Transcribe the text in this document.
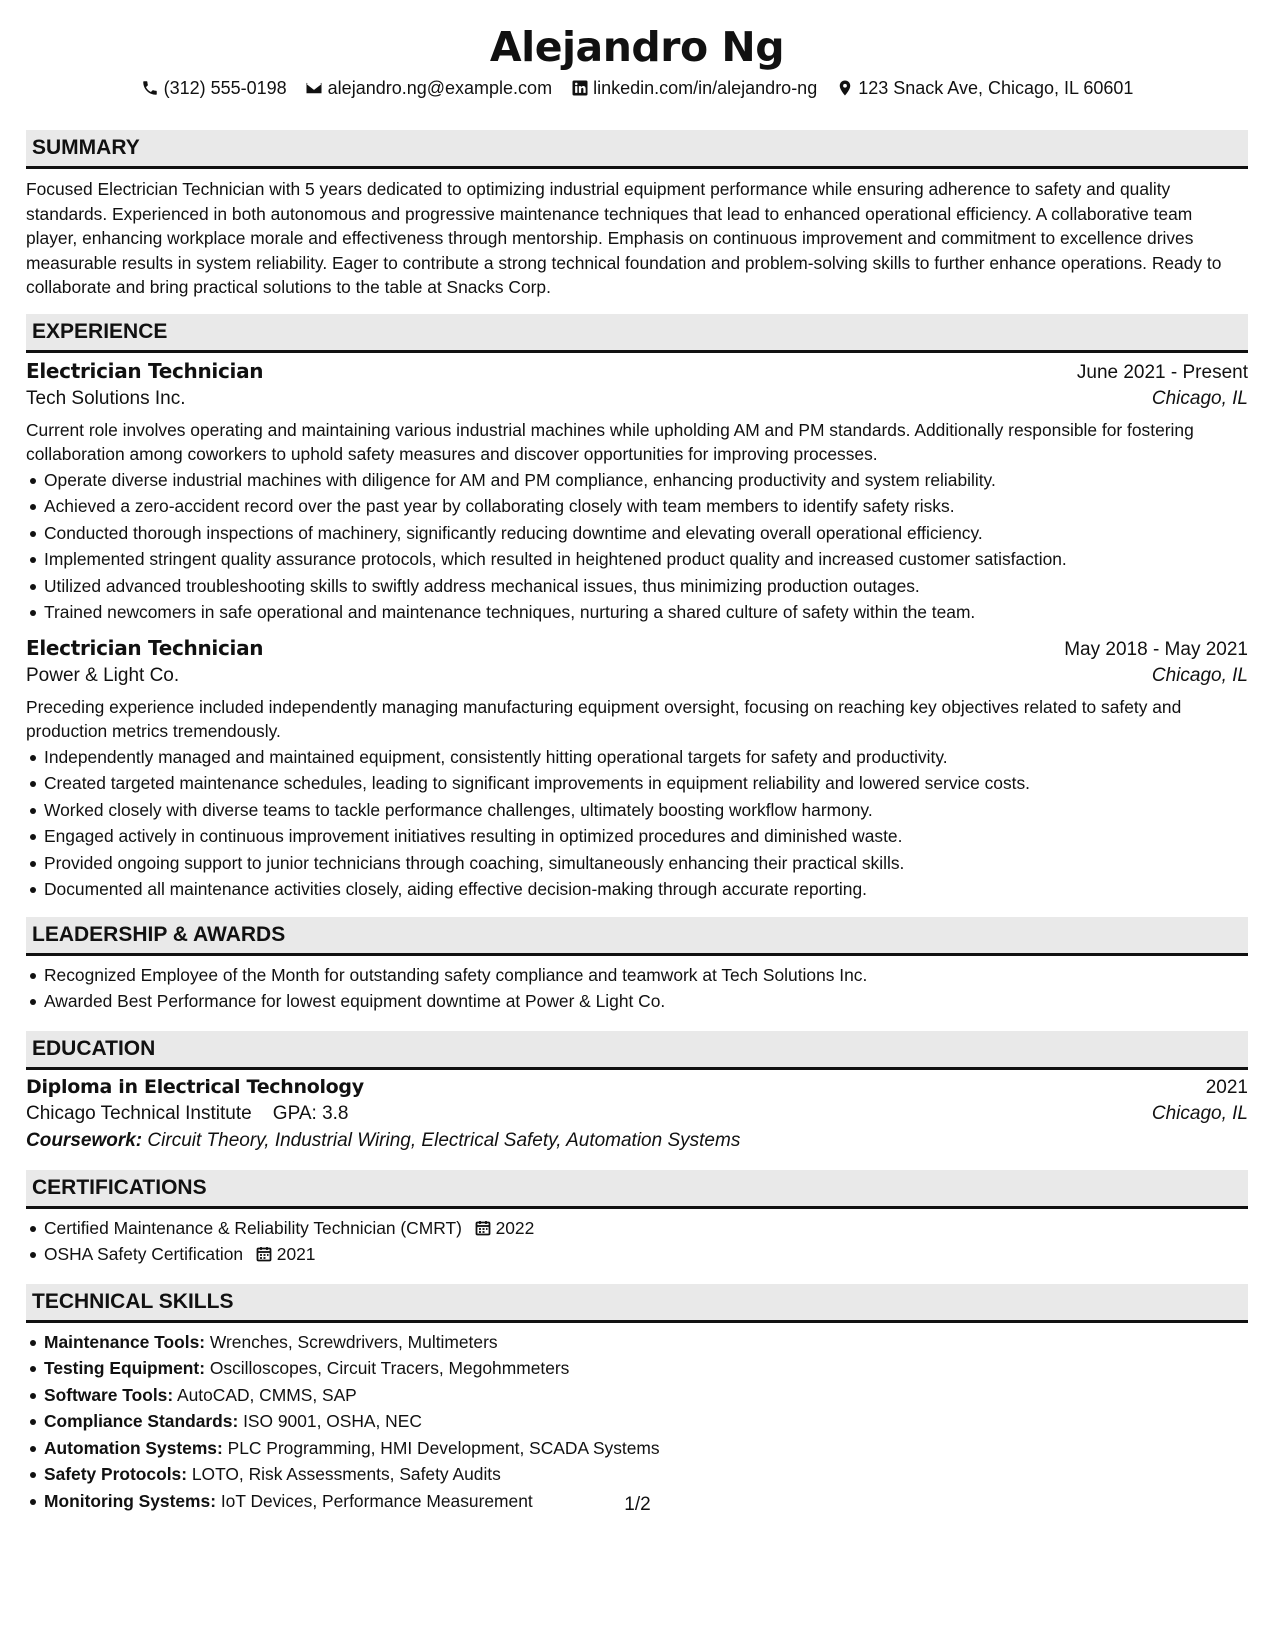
Alejandro Ng
(312) 555-0198 alejandro.ng@example.com linkedin.com/in/alejandro-ng 123 Snack Ave, Chicago, IL 60601
SUMMARY
Focused Electrician Technician with 5 years dedicated to optimizing industrial equipment performance while ensuring adherence to safety and quality standards. Experienced in both autonomous and progressive maintenance techniques that lead to enhanced operational efficiency. A collaborative team player, enhancing workplace morale and effectiveness through mentorship. Emphasis on continuous improvement and commitment to excellence drives measurable results in system reliability. Eager to contribute a strong technical foundation and problem-solving skills to further enhance operations. Ready to collaborate and bring practical solutions to the table at Snacks Corp.
EXPERIENCE
Electrician Technician	June 2021 - Present
Tech Solutions Inc.	Chicago, IL
Current role involves operating and maintaining various industrial machines while upholding AM and PM standards. Additionally responsible for fostering collaboration among coworkers to uphold safety measures and discover opportunities for improving processes.
Operate diverse industrial machines with diligence for AM and PM compliance, enhancing productivity and system reliability.
Achieved a zero-accident record over the past year by collaborating closely with team members to identify safety risks.
Conducted thorough inspections of machinery, significantly reducing downtime and elevating overall operational efficiency.
Implemented stringent quality assurance protocols, which resulted in heightened product quality and increased customer satisfaction.
Utilized advanced troubleshooting skills to swiftly address mechanical issues, thus minimizing production outages.
Trained newcomers in safe operational and maintenance techniques, nurturing a shared culture of safety within the team.
Electrician Technician	May 2018 - May 2021
Power & Light Co.	Chicago, IL
Preceding experience included independently managing manufacturing equipment oversight, focusing on reaching key objectives related to safety and production metrics tremendously.
Independently managed and maintained equipment, consistently hitting operational targets for safety and productivity.
Created targeted maintenance schedules, leading to significant improvements in equipment reliability and lowered service costs.
Worked closely with diverse teams to tackle performance challenges, ultimately boosting workflow harmony.
Engaged actively in continuous improvement initiatives resulting in optimized procedures and diminished waste.
Provided ongoing support to junior technicians through coaching, simultaneously enhancing their practical skills.
Documented all maintenance activities closely, aiding effective decision-making through accurate reporting.
LEADERSHIP & AWARDS
Recognized Employee of the Month for outstanding safety compliance and teamwork at Tech Solutions Inc.
Awarded Best Performance for lowest equipment downtime at Power & Light Co.
EDUCATION
Diploma in Electrical Technology	2021
Chicago Technical Institute GPA: 3.8	Chicago, IL
Coursework: Circuit Theory, Industrial Wiring, Electrical Safety, Automation Systems
CERTIFICATIONS
Certified Maintenance & Reliability Technician (CMRT) 2022
OSHA Safety Certification 2021
TECHNICAL SKILLS
Maintenance Tools: Wrenches, Screwdrivers, Multimeters
Testing Equipment: Oscilloscopes, Circuit Tracers, Megohmmeters
Software Tools: AutoCAD, CMMS, SAP
Compliance Standards: ISO 9001, OSHA, NEC
Automation Systems: PLC Programming, HMI Development, SCADA Systems
Safety Protocols: LOTO, Risk Assessments, Safety Audits
Monitoring Systems: IoT Devices, Performance Measurement	1/2
